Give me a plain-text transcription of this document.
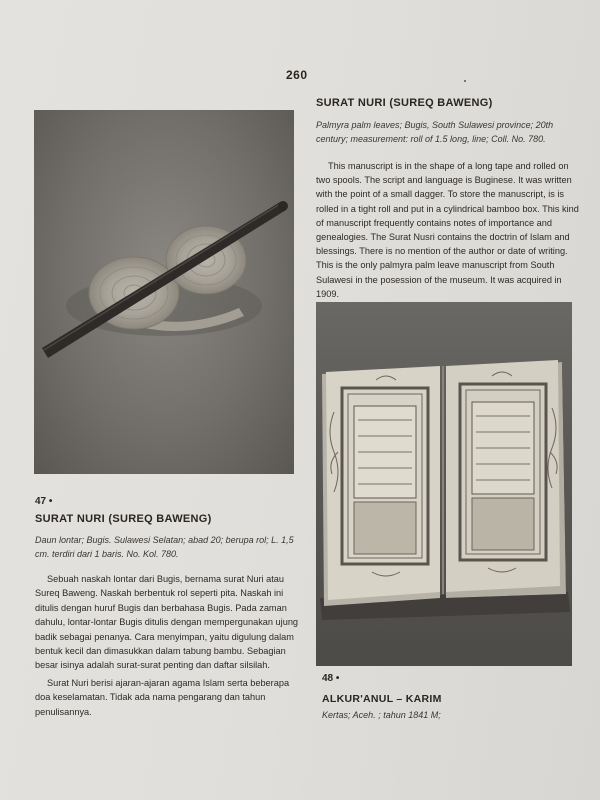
260
SURAT NURI (SUREQ BAWENG)
Palmyra palm leaves; Bugis, South Sulawesi province; 20th century; measurement: roll of 1.5 long, line; Coll. No. 780.
This manuscript is in the shape of a long tape and rolled on two spools. The script and language is Buginese. It was written with the point of a small dagger. To store the manuscript, is is rolled in a tight roll and put in a cylindrical bamboo box. This kind of manuscript frequently contains notes of importance and genealogies. The Surat Nusri contains the doctrin of Islam and blessings. There is no mention of the author or date of writing. This is the only palmyra palm leave manuscript from South Sulawesi in the posession of the museum. It was acquired in 1909.
47 •
SURAT NURI (SUREQ BAWENG)
Daun lontar; Bugis. Sulawesi Selatan; abad 20; berupa rol; L. 1,5 cm. terdiri dari 1 baris. No. Kol. 780.

Sebuah naskah lontar dari Bugis, bernama surat Nuri atau Sureq Baweng. Naskah berbentuk rol seperti pita. Naskah ini ditulis dengan huruf Bugis dan berbahasa Bugis. Pada zaman dahulu, lontar-lontar Bugis ditulis dengan mempergunakan ujung badik sebagai penanya. Cara menyimpan, yaitu digulung dalam bentuk kecil dan dimasukkan dalam tabung bambu. Sebagian besar isinya adalah surat-surat penting dan daftar silsilah.

Surat Nuri berisi ajaran-ajaran agama Islam serta beberapa doa keselamatan. Tidak ada nama pengarang dan tahun penulisannya.

48 •
ALKUR'ANUL – KARIM
Kertas; Aceh. ; tahun 1841 M;
